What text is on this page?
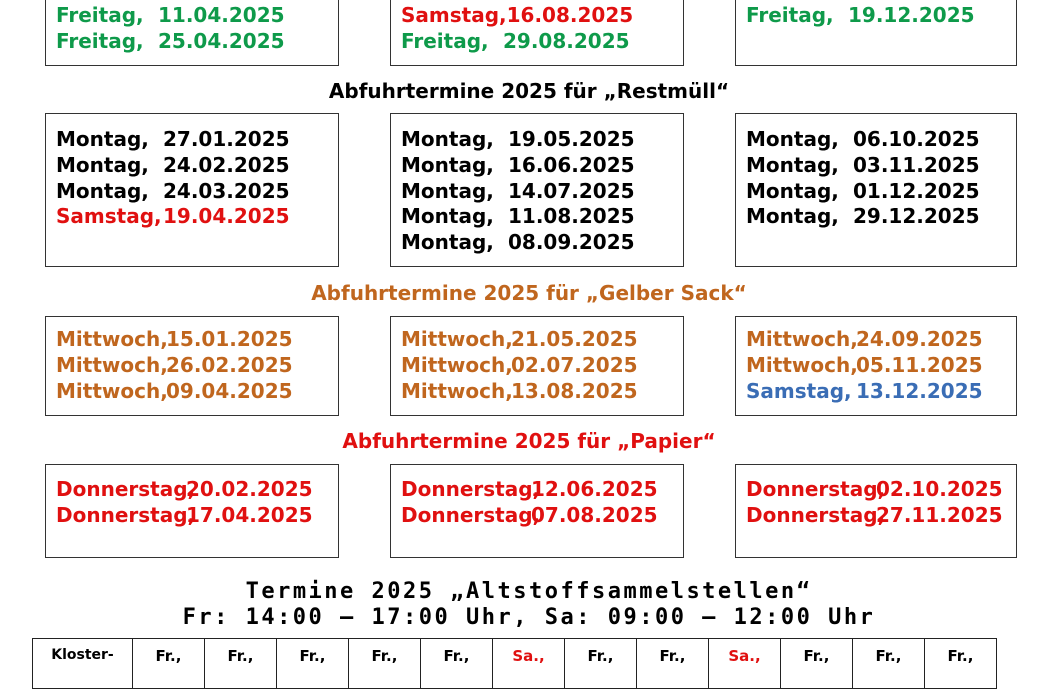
Freitag, 11.04.2025
Freitag, 25.04.2025
Samstag, 16.08.2025
Freitag, 29.08.2025
Freitag, 19.12.2025
Abfuhrtermine 2025 für „Restmüll“
Montag, 27.01.2025
Montag, 24.02.2025
Montag, 24.03.2025
Samstag, 19.04.2025
Montag, 19.05.2025
Montag, 16.06.2025
Montag, 14.07.2025
Montag, 11.08.2025
Montag, 08.09.2025
Montag, 06.10.2025
Montag, 03.11.2025
Montag, 01.12.2025
Montag, 29.12.2025
Abfuhrtermine 2025 für „Gelber Sack“
Mittwoch,
15.01.2025
Mittwoch,
26.02.2025
Mittwoch,
09.04.2025
Mittwoch,
21.05.2025
Mittwoch,
02.07.2025
Mittwoch,
13.08.2025
Mittwoch,
24.09.2025
Mittwoch,
05.11.2025
Samstag, 13.12.2025
Abfuhrtermine 2025 für „Papier“
Donnerstag,
20.02.2025
Donnerstag,
17.04.2025
Donnerstag,
12.06.2025
Donnerstag,
07.08.2025
Donnerstag,
02.10.2025
Donnerstag,
27.11.2025
Termine 2025 „Altstoffsammelstellen“
Fr: 14:00 – 17:00 Uhr, Sa: 09:00 – 12:00 Uhr
Kloster-	Fr.,	Fr.,	Fr.,	Fr.,	Fr.,	Sa.,	Fr.,	Fr.,	Sa.,	Fr.,	Fr.,	Fr.,
